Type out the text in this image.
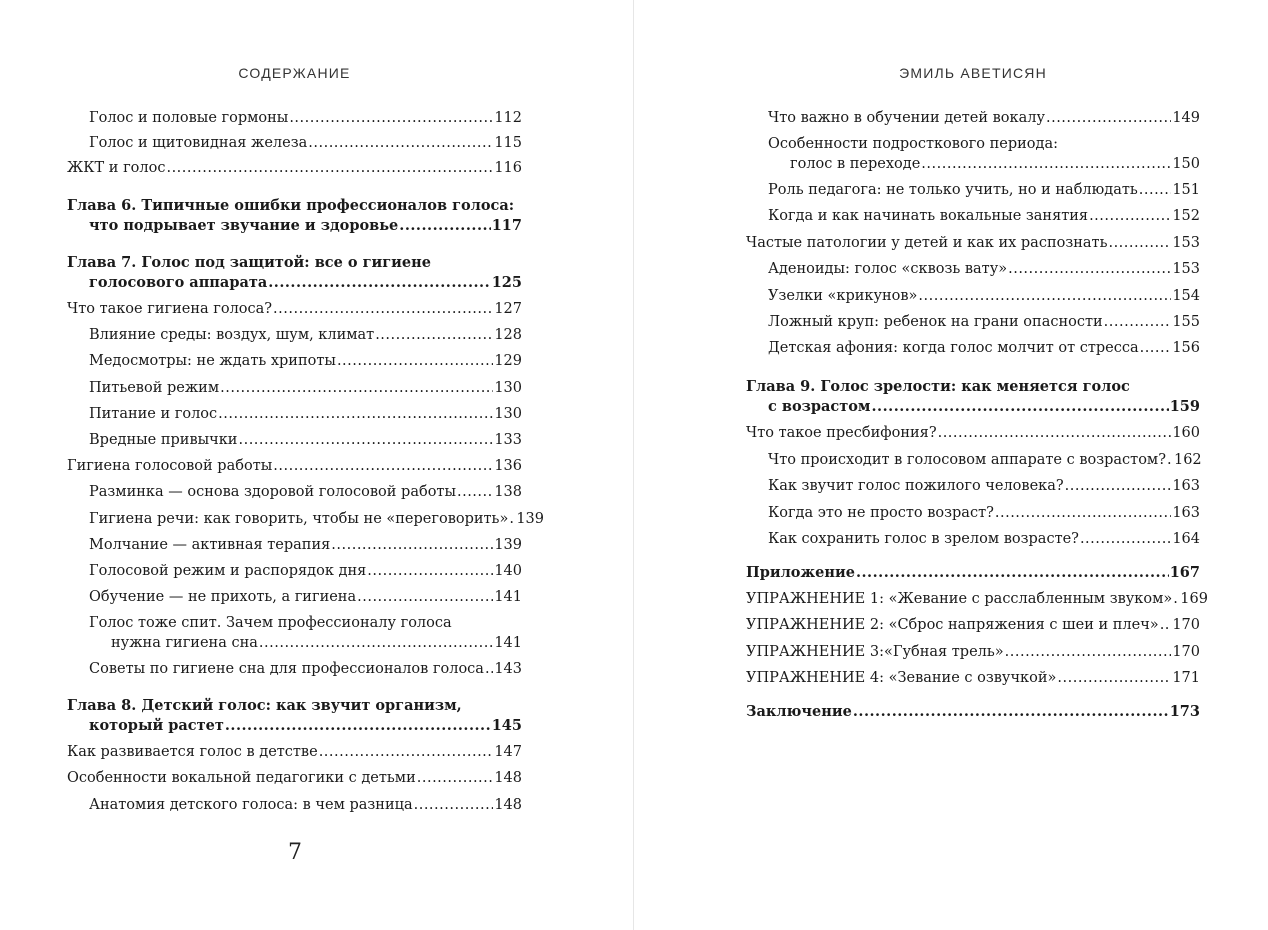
СОДЕРЖАНИЕ
Голос и половые гормоны .....	112
Голос и щитовидная железа .....	115
ЖКТ и голос .....	116
Глава 6. Типичные ошибки профессионалов голоса:
что подрывает звучание и здоровье .....	117
Глава 7. Голос под защитой: все о гигиене
голосового аппарата .....	125
Что такое гигиена голоса? .....	127
Влияние среды: воздух, шум, климат .....	128
Медосмотры: не ждать хрипоты .....	129
Питьевой режим .....	130
Питание и голос .....	130
Вредные привычки .....	133
Гигиена голосовой работы .....	136
Разминка — основа здоровой голосовой работы .....	138
Гигиена речи: как говорить, чтобы не «переговорить» ..... 139
Молчание — активная терапия .....	139
Голосовой режим и распорядок дня .....	140
Обучение — не прихоть, а гигиена .....	141
Голос тоже спит. Зачем профессионалу голоса
нужна гигиена сна .....	141
Советы по гигиене сна для профессионалов голоса ..... 143
Глава 8. Детский голос: как звучит организм,
который растет .....	145
Как развивается голос в детстве .....	147
Особенности вокальной педагогики с детьми .....	148
Анатомия детского голоса: в чем разница .....	148
7
ЭМИЛЬ АВЕТИСЯН
Что важно в обучении детей вокалу .....	149
Особенности подросткового периода:
голос в переходе .....	150
Роль педагога: не только учить, но и наблюдать ..... 151
Когда и как начинать вокальные занятия .....	152
Частые патологии у детей и как их распознать .....	153
Аденоиды: голос «сквозь вату» .....	153
Узелки «крикунов» .....	154
Ложный круп: ребенок на грани опасности .....	155
Детская афония: когда голос молчит от стресса ..... 156
Глава 9. Голос зрелости: как меняется голос
с возрастом .....	159
Что такое пресбифония? .....	160
Что происходит в голосовом аппарате с возрастом? ..... 162
Как звучит голос пожилого человека? .....	163
Когда это не просто возраст? .....	163
Как сохранить голос в зрелом возрасте? .....	164
Приложение .....	167
УПРАЖНЕНИЕ 1: «Жевание с расслабленным звуком» ..... 169
УПРАЖНЕНИЕ 2: «Сброс напряжения с шеи и плеч» ..... 170
УПРАЖНЕНИЕ 3:«Губная трель» .....	170
УПРАЖНЕНИЕ 4: «Зевание с озвучкой» .....	171
Заключение .....	173
